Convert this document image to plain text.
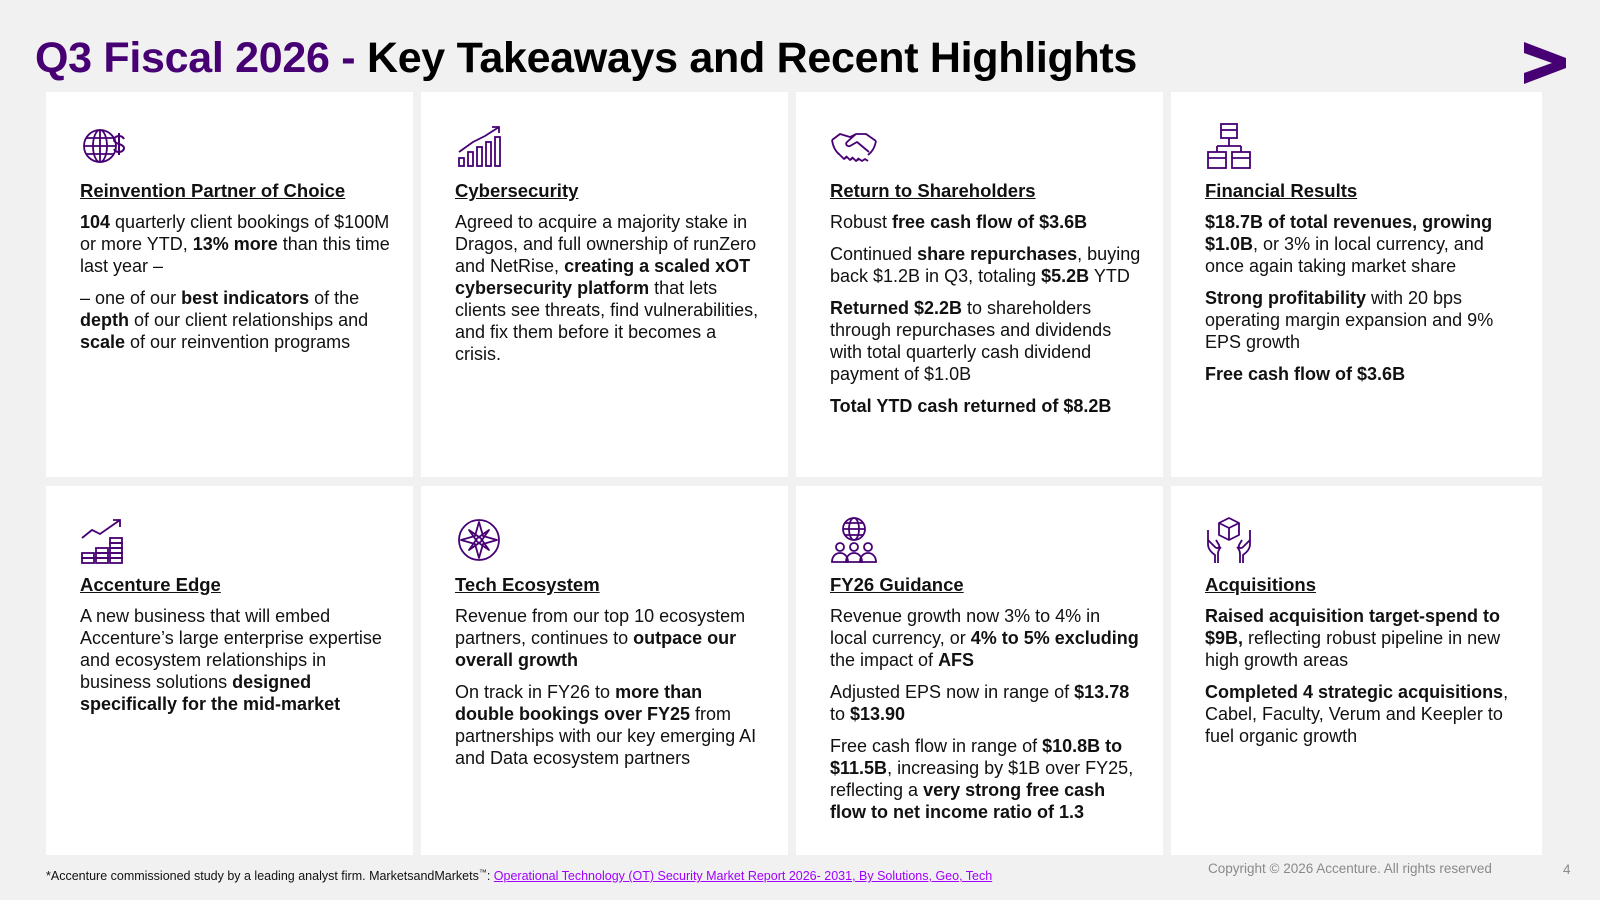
Q3 Fiscal 2026 - Key Takeaways and Recent Highlights
Reinvention Partner of Choice
104 quarterly client bookings of $100M or more YTD, 13% more than this time last year –
– one of our best indicators of the depth of our client relationships and scale of our reinvention programs
Cybersecurity
Agreed to acquire a majority stake in Dragos, and full ownership of runZero and NetRise, creating a scaled xOT cybersecurity platform that lets clients see threats, find vulnerabilities, and fix them before it becomes a crisis.
Return to Shareholders
Robust free cash flow of $3.6B
Continued share repurchases, buying back $1.2B in Q3, totaling $5.2B YTD
Returned $2.2B to shareholders through repurchases and dividends with total quarterly cash dividend payment of $1.0B
Total YTD cash returned of $8.2B
Financial Results
$18.7B of total revenues, growing $1.0B, or 3% in local currency, and once again taking market share
Strong profitability with 20 bps operating margin expansion and 9% EPS growth
Free cash flow of $3.6B
Accenture Edge
A new business that will embed Accenture’s large enterprise expertise and ecosystem relationships in business solutions designed specifically for the mid-market
Tech Ecosystem
Revenue from our top 10 ecosystem partners, continues to outpace our overall growth
On track in FY26 to more than double bookings over FY25 from partnerships with our key emerging AI and Data ecosystem partners
FY26 Guidance
Revenue growth now 3% to 4% in local currency, or 4% to 5% excluding the impact of AFS
Adjusted EPS now in range of $13.78 to $13.90
Free cash flow in range of $10.8B to $11.5B, increasing by $1B over FY25, reflecting a very strong free cash flow to net income ratio of 1.3
Acquisitions
Raised acquisition target-spend to $9B, reflecting robust pipeline in new high growth areas
Completed 4 strategic acquisitions, Cabel, Faculty, Verum and Keepler to fuel organic growth
*Accenture commissioned study by a leading analyst firm. MarketsandMarkets™: Operational Technology (OT) Security Market Report 2026- 2031, By Solutions, Geo, Tech
Copyright © 2026 Accenture. All rights reserved	4
